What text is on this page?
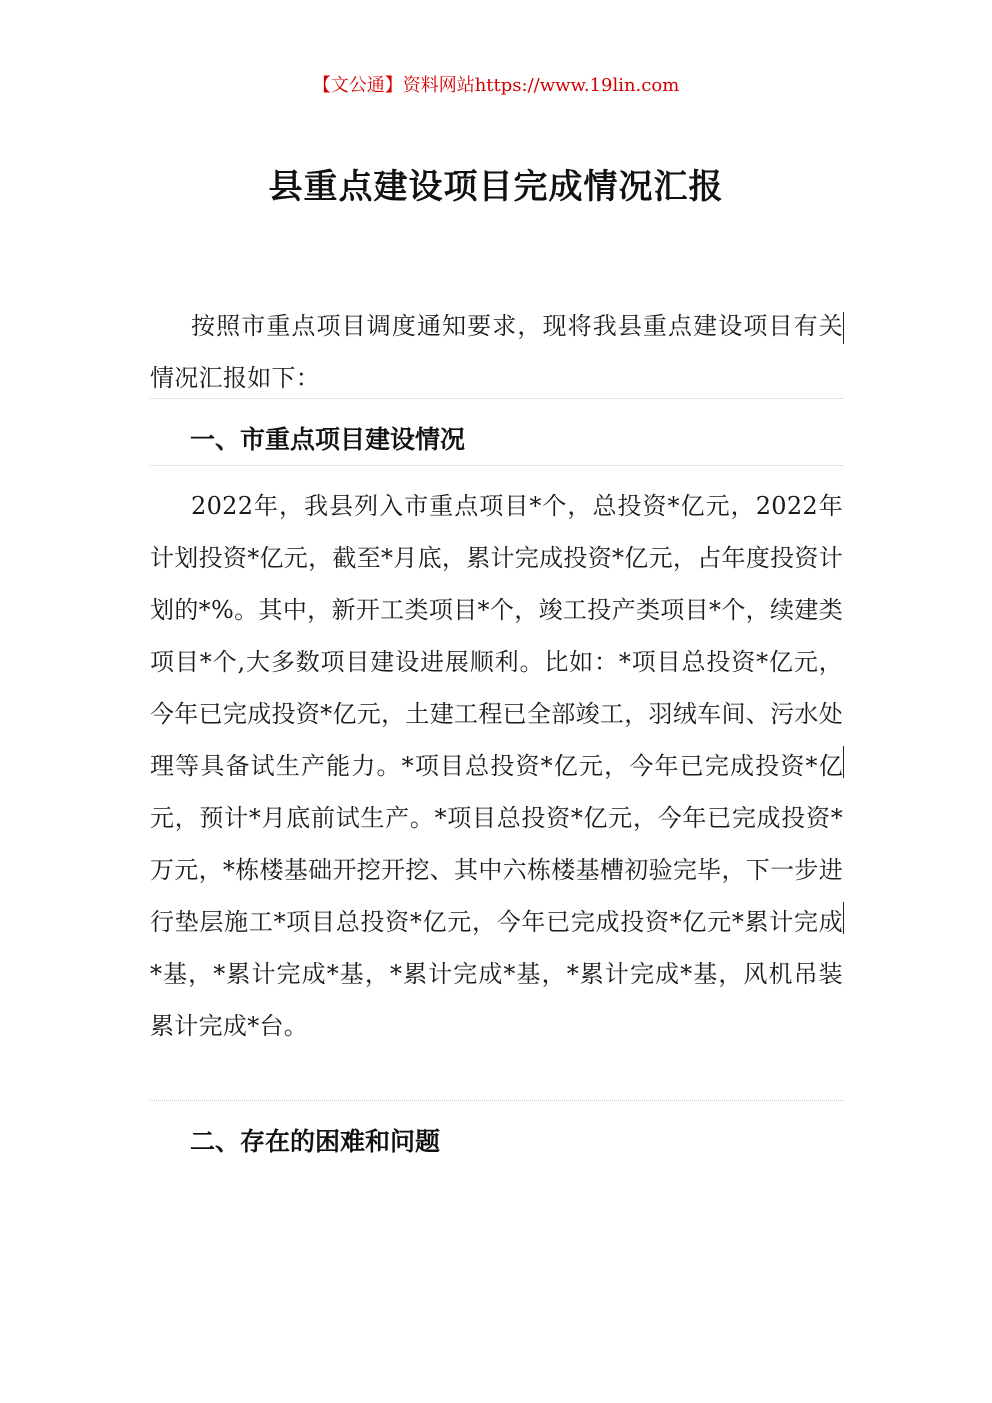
【文公通】资料网站https://www.19lin.com
县重点建设项目完成情况汇报

按照市重点项目调度通知要求，现将我县重点建设项目有关情况汇报如下：

一、市重点项目建设情况

2022年，我县列入市重点项目*个，总投资*亿元，2022年计划投资*亿元，截至*月底，累计完成投资*亿元，占年度投资计划的*%。其中，新开工类项目*个，竣工投产类项目*个，续建类项目*个,大多数项目建设进展顺利。比如：*项目总投资*亿元，今年已完成投资*亿元，土建工程已全部竣工，羽绒车间、污水处理等具备试生产能力。*项目总投资*亿元，今年已完成投资*亿元，预计*月底前试生产。*项目总投资*亿元，今年已完成投资*万元，*栋楼基础开挖开挖、其中六栋楼基槽初验完毕，下一步进行垫层施工*项目总投资*亿元，今年已完成投资*亿元*累计完成*基，*累计完成*基，*累计完成*基，*累计完成*基，风机吊装累计完成*台。

二、存在的困难和问题
